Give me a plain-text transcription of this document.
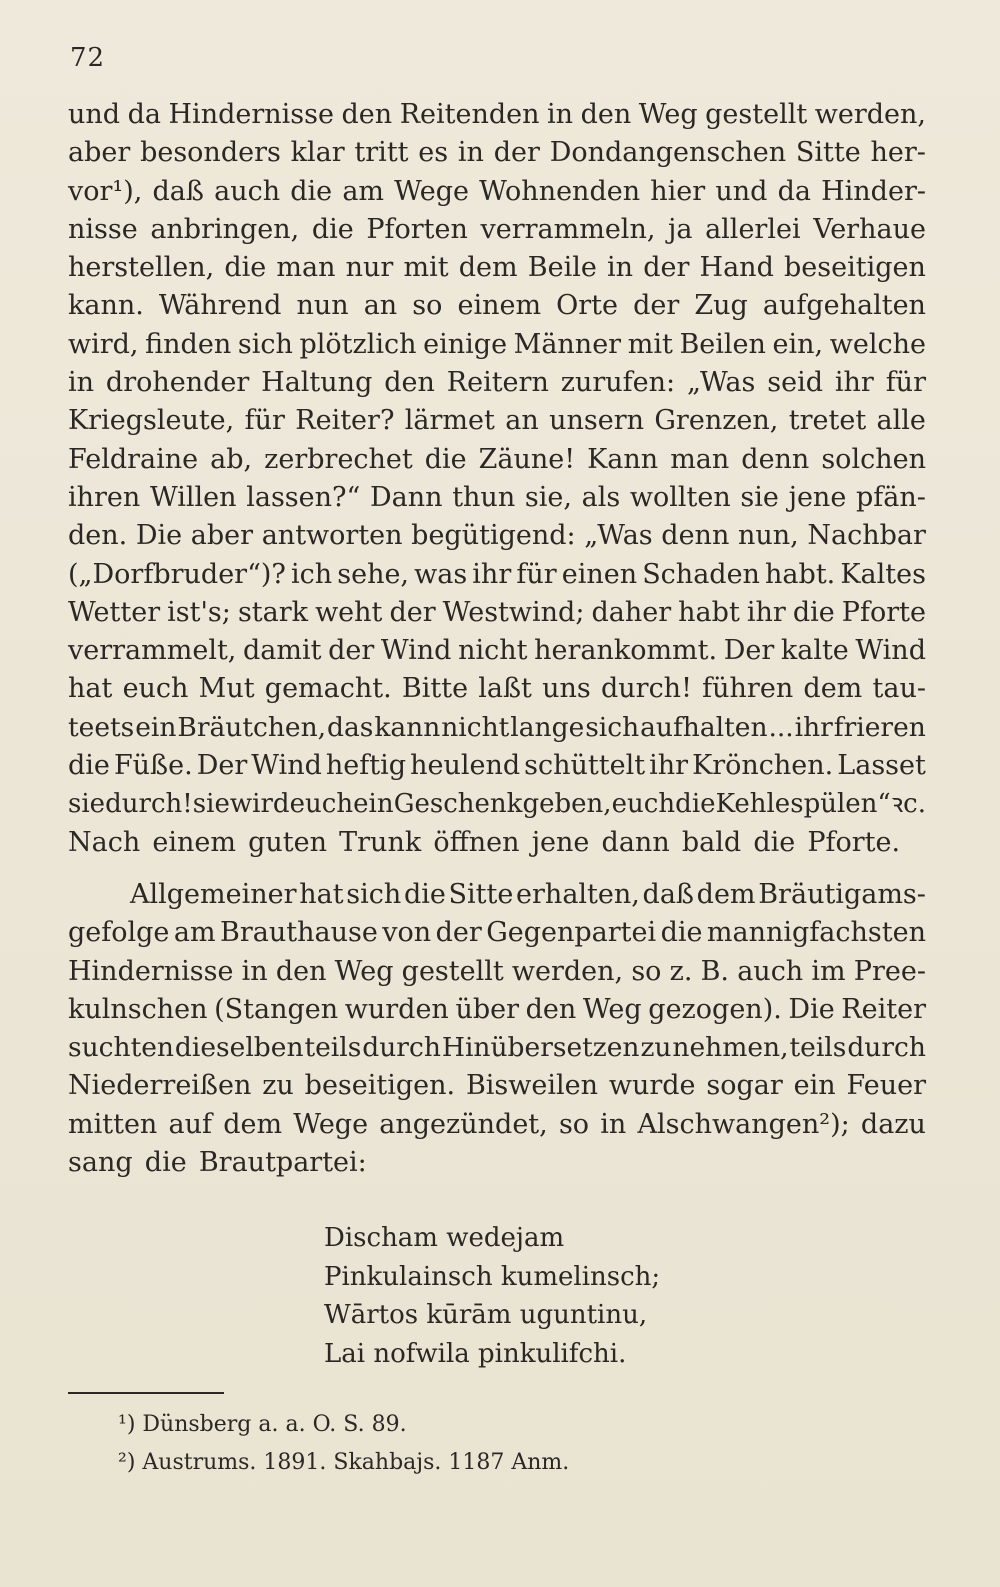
72
und da Hindernisse den Reitenden in den Weg gestellt werden,
aber besonders klar tritt es in der Dondangenschen Sitte her-
vor¹), daß auch die am Wege Wohnenden hier und da Hinder-
nisse anbringen, die Pforten verrammeln, ja allerlei Verhaue
herstellen, die man nur mit dem Beile in der Hand beseitigen
kann. Während nun an so einem Orte der Zug aufgehalten
wird, finden sich plötzlich einige Männer mit Beilen ein, welche
in drohender Haltung den Reitern zurufen: „Was seid ihr für
Kriegsleute, für Reiter? lärmet an unsern Grenzen, tretet alle
Feldraine ab, zerbrechet die Zäune! Kann man denn solchen
ihren Willen lassen?“ Dann thun sie, als wollten sie jene pfän-
den. Die aber antworten begütigend: „Was denn nun, Nachbar
(„Dorfbruder“)? ich sehe, was ihr für einen Schaden habt. Kaltes
Wetter ist's; stark weht der Westwind; daher habt ihr die Pforte
verrammelt, damit der Wind nicht herankommt. Der kalte Wind
hat euch Mut gemacht. Bitte laßt uns durch! führen dem tau-
teets ein Bräutchen, das kann nicht lange sich aufhalten ... ihr frieren
die Füße. Der Wind heftig heulend schüttelt ihr Krönchen. Lasset
sie durch! sie wird euch ein Geschenk geben, euch die Kehle spülen“ ꝛc.
Nach einem guten Trunk öffnen jene dann bald die Pforte.
Allgemeiner hat sich die Sitte erhalten, daß dem Bräutigams-
gefolge am Brauthause von der Gegenpartei die mannigfachsten
Hindernisse in den Weg gestellt werden, so z. B. auch im Pree-
kulnschen (Stangen wurden über den Weg gezogen). Die Reiter
suchten dieselben teils durch Hinübersetzen zu nehmen, teils durch
Niederreißen zu beseitigen. Bisweilen wurde sogar ein Feuer
mitten auf dem Wege angezündet, so in Alschwangen²); dazu
sang die Brautpartei:
Discham wedejam
Pinkulainsch kumelinsch;
Wārtos kūrām uguntinu,
Lai nofwila pinkulifchi.
¹) Dünsberg a. a. O. S. 89.
²) Austrums. 1891. Skahbajs. 1187 Anm.
